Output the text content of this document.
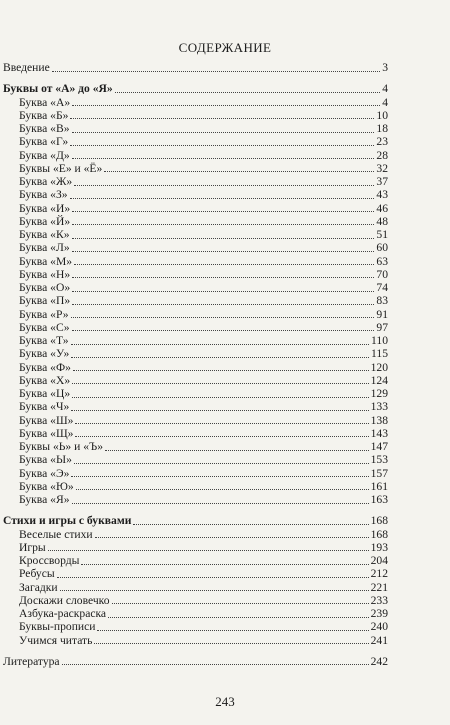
СОДЕРЖАНИЕ
Введение	3
Буквы от «А» до «Я»	4
Буква «А»	4
Буква «Б»	10
Буква «В»	18
Буква «Г»	23
Буква «Д»	28
Буквы «Е» и «Ё»	32
Буква «Ж»	37
Буква «З»	43
Буква «И»	46
Буква «Й»	48
Буква «К»	51
Буква «Л»	60
Буква «М»	63
Буква «Н»	70
Буква «О»	74
Буква «П»	83
Буква «Р»	91
Буква «С»	97
Буква «Т»	110
Буква «У»	115
Буква «Ф»	120
Буква «Х»	124
Буква «Ц»	129
Буква «Ч»	133
Буква «Ш»	138
Буква «Щ»	143
Буквы «Ь» и «Ъ»	147
Буква «Ы»	153
Буква «Э»	157
Буква «Ю»	161
Буква «Я»	163
Стихи и игры с буквами	168
Веселые стихи	168
Игры	193
Кроссворды	204
Ребусы	212
Загадки	221
Доскажи словечко	233
Азбука-раскраска	239
Буквы-прописи	240
Учимся читать	241
Литература	242
243
